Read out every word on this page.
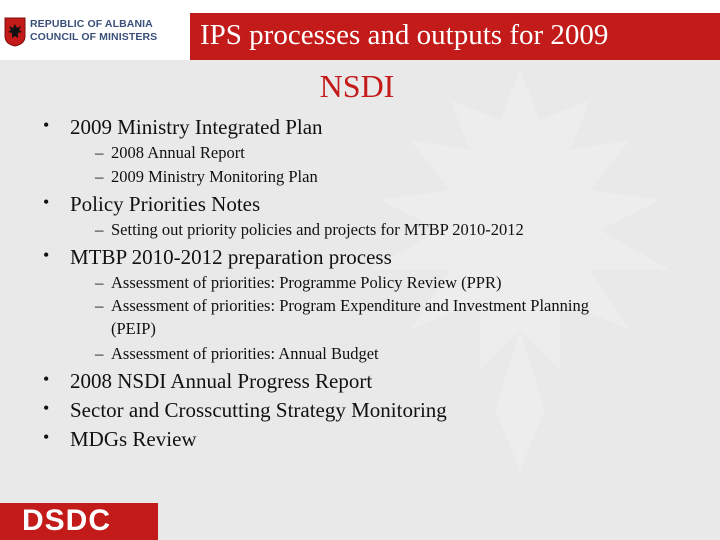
REPUBLIC OF ALBANIA
COUNCIL OF MINISTERS IPS processes and outputs for 2009
NSDI
• 2009 Ministry Integrated Plan
– 2008 Annual Report
– 2009 Ministry Monitoring Plan
• Policy Priorities Notes
– Setting out priority policies and projects for MTBP 2010-2012
• MTBP 2010-2012 preparation process
– Assessment of priorities: Programme Policy Review (PPR)
– Assessment of priorities: Program Expenditure and Investment Planning
(PEIP)
– Assessment of priorities: Annual Budget
• 2008 NSDI Annual Progress Report
• Sector and Crosscutting Strategy Monitoring
• MDGs Review
DSDC
